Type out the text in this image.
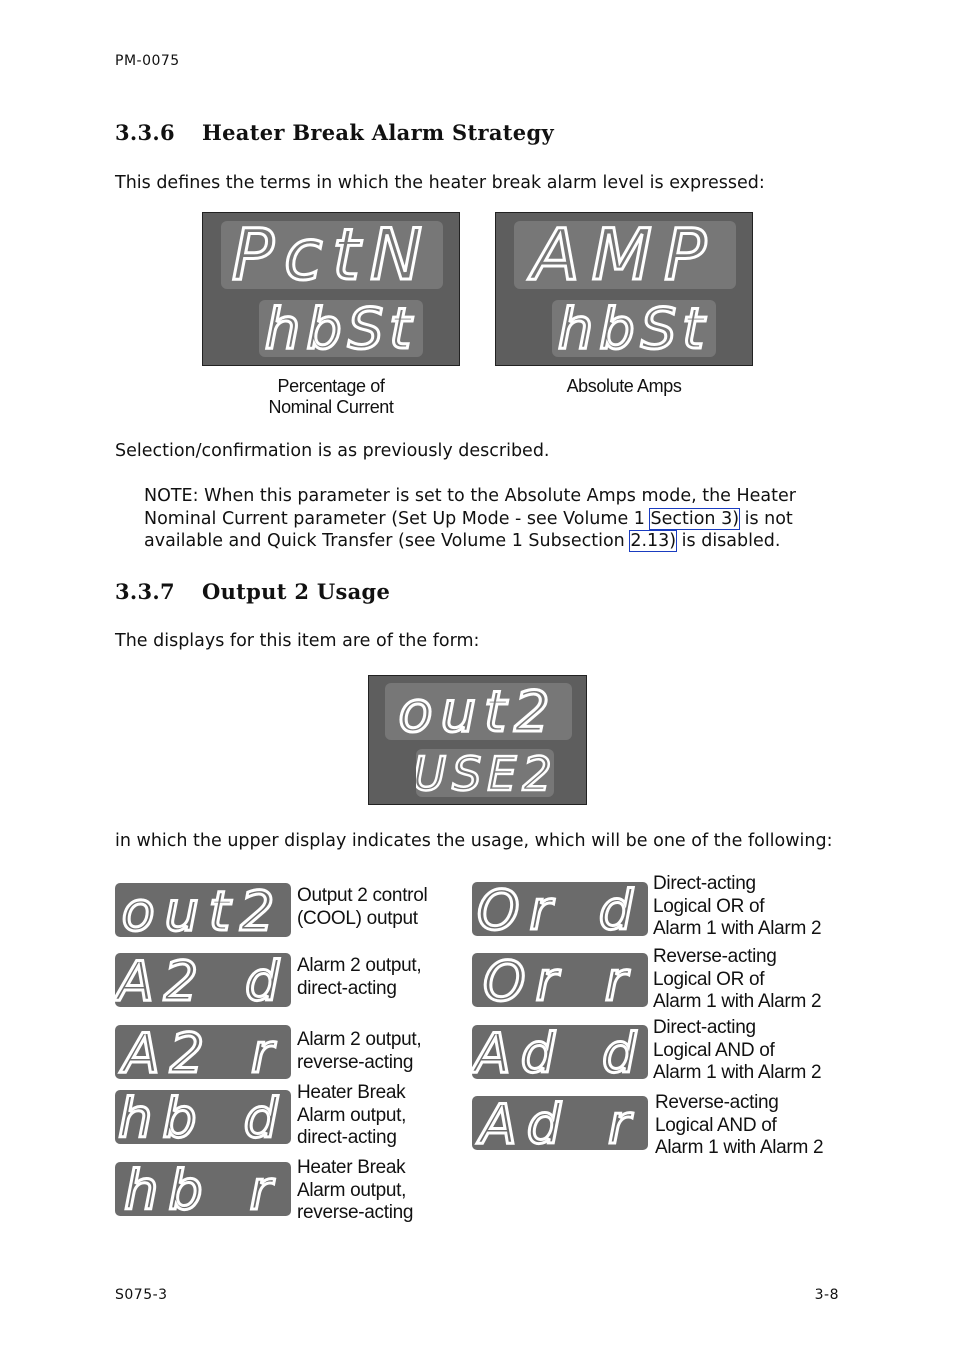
PM-0075
3.3.6 Heater Break Alarm Strategy
This defines the terms in which the heater break alarm level is expressed:
PctN
hbSt
AMP
hbSt
Percentage of
Nominal Current
Absolute Amps
Selection/confirmation is as previously described.
NOTE: When this parameter is set to the Absolute Amps mode, the Heater Nominal Current parameter (Set Up Mode - see Volume 1 Section 3) is not available and Quick Transfer (see Volume 1 Subsection 2.13) is disabled.
3.3.7 Output 2 Usage
The displays for this item are of the form:
out2
USE2
in which the upper display indicates the usage, which will be one of the following:
out2 Output 2 control
(COOL) output
A2_d Alarm 2 output,
direct-acting
A2_r Alarm 2 output,
reverse-acting
hb_d Heater Break
Alarm output,
direct-acting
hb_r Heater Break
Alarm output,
reverse-acting
Or_d Direct-acting
Logical OR of
Alarm 1 with Alarm 2
Or_r Reverse-acting
Logical OR of
Alarm 1 with Alarm 2
Ad_d Direct-acting
Logical AND of
Alarm 1 with Alarm 2
Ad_r Reverse-acting
Logical AND of
Alarm 1 with Alarm 2
S075-3	3-8
